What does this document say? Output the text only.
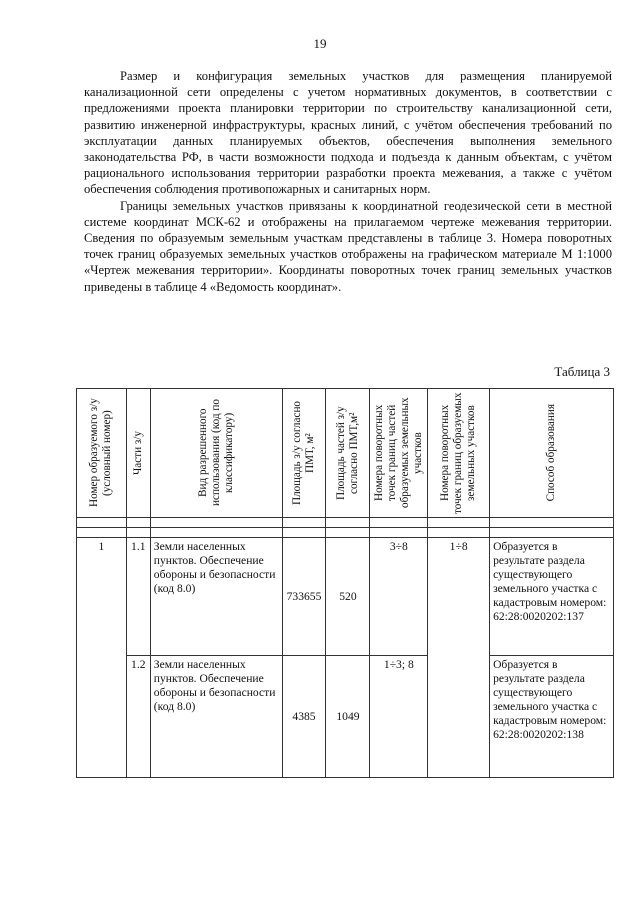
19

Размер и конфигурация земельных участков для размещения планируемой канализационной сети определены с учетом нормативных документов, в соответствии с предложениями проекта планировки территории по строительству канализационной сети, развитию инженерной инфраструктуры, красных линий, с учётом обеспечения требований по эксплуатации данных планируемых объектов, обеспечения выполнения земельного законодательства РФ, в части возможности подхода и подъезда к данным объектам, с учётом рационального использования территории разработки проекта межевания, а также с учётом обеспечения соблюдения противопожарных и санитарных норм.

Границы земельных участков привязаны к координатной геодезической сети в местной системе координат МСК-62 и отображены на прилагаемом чертеже межевания территории. Сведения по образуемым земельным участкам представлены в таблице 3. Номера поворотных точек границ образуемых земельных участков отображены на графическом материале М 1:1000 «Чертеж межевания территории». Координаты поворотных точек границ земельных участков приведены в таблице 4 «Ведомость координат».

Таблица 3
Номер образуемого з/у (условный номер)	Части з/у	Вид разрешенного использования (код по классификатору)	Площадь з/у согласно ПМТ, м²	Площадь частей з/у согласно ПМТ,м²	Номера поворотных точек границ частей образуемых земельных участков	Номера поворотных точек границ образуемых земельных участков	Способ образования

1	1.1	Земли населенных пунктов. Обеспечение обороны и безопасности (код 8.0)	733655	520	3÷8	1÷8	Образуется в результате раздела существующего земельного участка с кадастровым номером: 62:28:0020202:137
	1.2	Земли населенных пунктов. Обеспечение обороны и безопасности (код 8.0)	4385	1049	1÷3; 8		Образуется в результате раздела существующего земельного участка с кадастровым номером: 62:28:0020202:138
